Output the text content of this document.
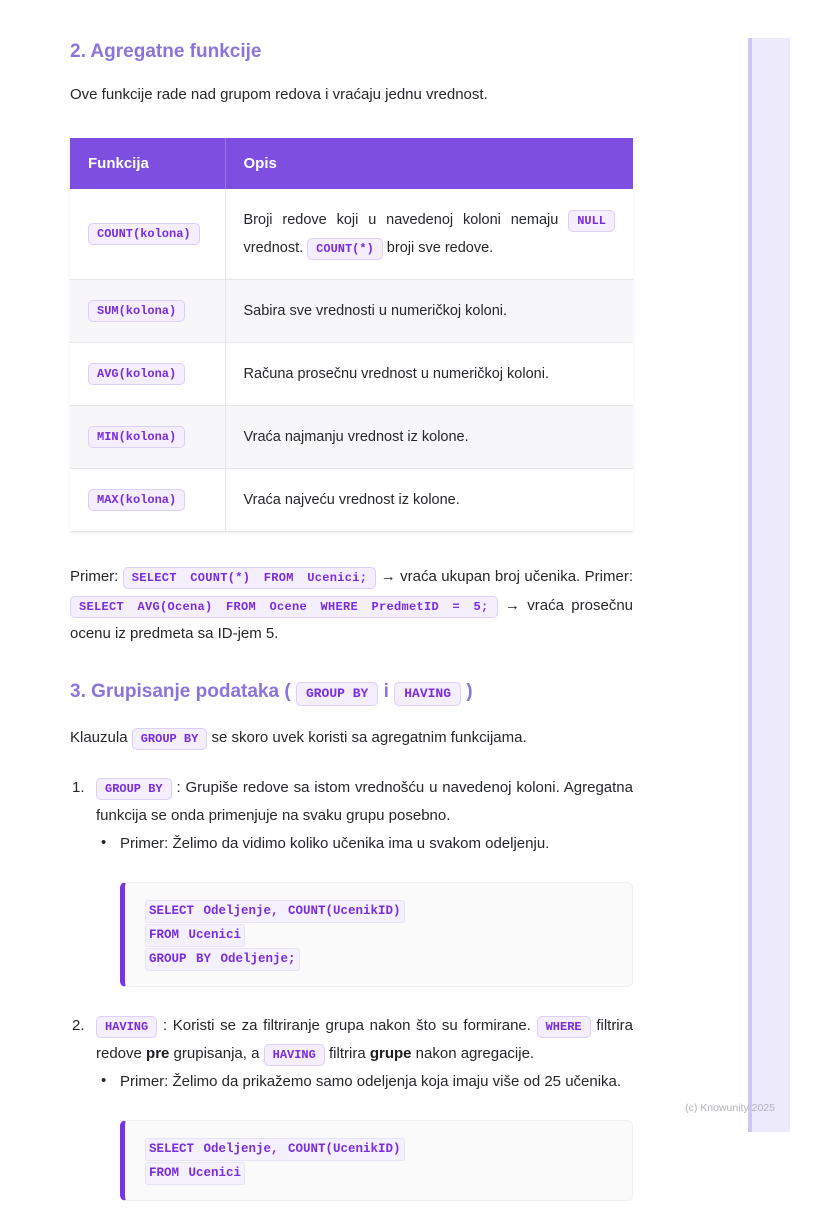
2. Agregatne funkcije

Ove funkcije rade nad grupom redova i vraćaju jednu vrednost.

Funkcija	Opis
COUNT(kolona)	Broji redove koji u navedenoj koloni nemaju NULL vrednost. COUNT(*) broji sve redove.
SUM(kolona)	Sabira sve vrednosti u numeričkoj koloni.
AVG(kolona)	Računa prosečnu vrednost u numeričkoj koloni.
MIN(kolona)	Vraća najmanju vrednost iz kolone.
MAX(kolona)	Vraća najveću vrednost iz kolone.
Primer: SELECT COUNT(*) FROM Ucenici; → vraća ukupan broj učenika. Primer: SELECT AVG(Ocena) FROM Ocene WHERE PredmetID = 5; → vraća prosečnu ocenu iz predmeta sa ID-jem 5.
3. Grupisanje podataka ( GROUP BY i HAVING )

Klauzula GROUP BY se skoro uvek koristi sa agregatnim funkcijama.

1. GROUP BY : Grupiše redove sa istom vrednošću u navedenoj koloni. Agregatna funkcija se onda primenjuje na svaku grupu posebno.
• Primer: Želimo da vidimo koliko učenika ima u svakom odeljenju.
SELECT Odeljenje, COUNT(UcenikID)
FROM Ucenici
GROUP BY Odeljenje;
2. HAVING : Koristi se za filtriranje grupa nakon što su formirane. WHERE filtrira redove pre grupisanja, a HAVING filtrira grupe nakon agregacije.
• Primer: Želimo da prikažemo samo odeljenja koja imaju više od 25 učenika.
SELECT Odeljenje, COUNT(UcenikID)
FROM Ucenici
(c) Knowunity 2025
